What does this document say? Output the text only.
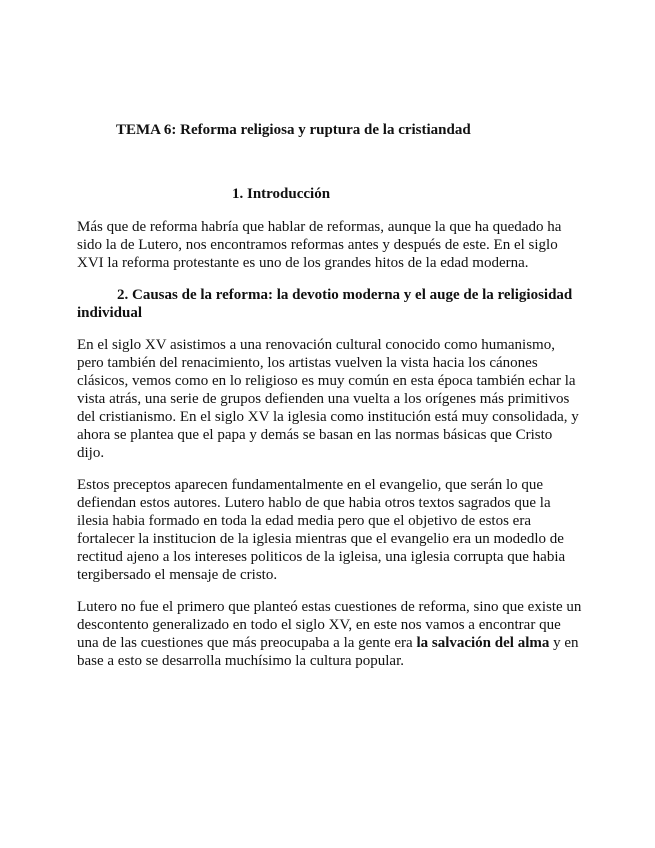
TEMA 6: Reforma religiosa y ruptura de la cristiandad
1. Introducción

Más que de reforma habría que hablar de reformas, aunque la que ha quedado ha sido la de Lutero, nos encontramos reformas antes y después de este. En el siglo XVI la reforma protestante es uno de los grandes hitos de la edad moderna.

2. Causas de la reforma: la devotio moderna y el auge de la religiosidad individual

En el siglo XV asistimos a una renovación cultural conocido como humanismo, pero también del renacimiento, los artistas vuelven la vista hacia los cánones clásicos, vemos como en lo religioso es muy común en esta época también echar la vista atrás, una serie de grupos defienden una vuelta a los orígenes más primitivos del cristianismo. En el siglo XV la iglesia como institución está muy consolidada, y ahora se plantea que el papa y demás se basan en las normas básicas que Cristo dijo.

Estos preceptos aparecen fundamentalmente en el evangelio, que serán lo que defiendan estos autores. Lutero hablo de que habia otros textos sagrados que la ilesia habia formado en toda la edad media pero que el objetivo de estos era fortalecer la institucion de la iglesia mientras que el evangelio era un modedlo de rectitud ajeno a los intereses politicos de la igleisa, una iglesia corrupta que habia tergibersado el mensaje de cristo.

Lutero no fue el primero que planteó estas cuestiones de reforma, sino que existe un descontento generalizado en todo el siglo XV, en este nos vamos a encontrar que una de las cuestiones que más preocupaba a la gente era la salvación del alma y en base a esto se desarrolla muchísimo la cultura popular.
